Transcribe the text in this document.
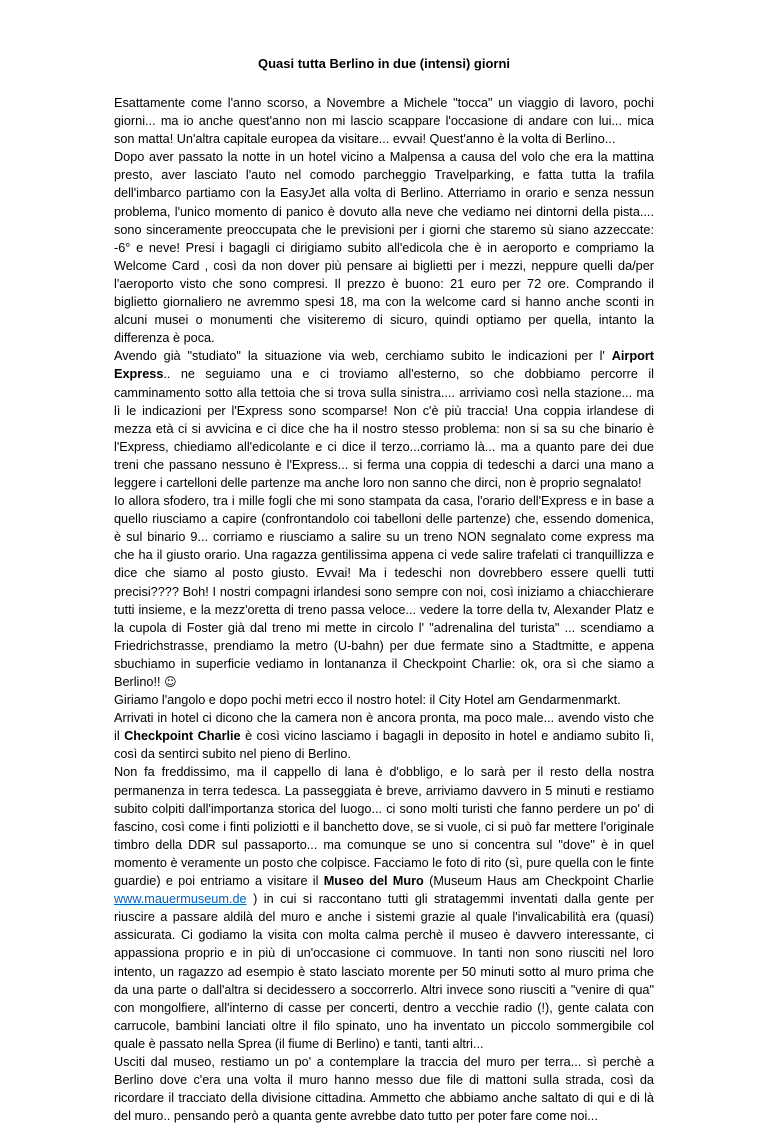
Quasi tutta Berlino in due (intensi) giorni

Esattamente come l'anno scorso, a Novembre a Michele "tocca" un viaggio di lavoro, pochi giorni... ma io anche quest'anno non mi lascio scappare l'occasione di andare con lui... mica son matta! Un'altra capitale europea da visitare... evvai! Quest'anno è la volta di Berlino...

Dopo aver passato la notte in un hotel vicino a Malpensa a causa del volo che era la mattina presto, aver lasciato l'auto nel comodo parcheggio Travelparking, e fatta tutta la trafila dell'imbarco partiamo con la EasyJet alla volta di Berlino. Atterriamo in orario e senza nessun problema, l'unico momento di panico è dovuto alla neve che vediamo nei dintorni della pista.... sono sinceramente preoccupata che le previsioni per i giorni che staremo sù siano azzeccate: -6° e neve! Presi i bagagli ci dirigiamo subito all'edicola che è in aeroporto e compriamo la Welcome Card , così da non dover più pensare ai biglietti per i mezzi, neppure quelli da/per l'aeroporto visto che sono compresi. Il prezzo è buono: 21 euro per 72 ore. Comprando il biglietto giornaliero ne avremmo spesi 18, ma con la welcome card si hanno anche sconti in alcuni musei o monumenti che visiteremo di sicuro, quindi optiamo per quella, intanto la differenza è poca.

Avendo già "studiato" la situazione via web, cerchiamo subito le indicazioni per l' Airport Express.. ne seguiamo una e ci troviamo all'esterno, so che dobbiamo percorre il camminamento sotto alla tettoia che si trova sulla sinistra.... arriviamo così nella stazione... ma lì le indicazioni per l'Express sono scomparse! Non c'è più traccia! Una coppia irlandese di mezza età ci si avvicina e ci dice che ha il nostro stesso problema: non si sa su che binario è l'Express, chiediamo all'edicolante e ci dice il terzo...corriamo là... ma a quanto pare dei due treni che passano nessuno è l'Express... si ferma una coppia di tedeschi a darci una mano a leggere i cartelloni delle partenze ma anche loro non sanno che dirci, non è proprio segnalato!

Io allora sfodero, tra i mille fogli che mi sono stampata da casa, l'orario dell'Express e in base a quello riusciamo a capire (confrontandolo coi tabelloni delle partenze) che, essendo domenica, è sul binario 9... corriamo e riusciamo a salire su un treno NON segnalato come express ma che ha il giusto orario. Una ragazza gentilissima appena ci vede salire trafelati ci tranquillizza e dice che siamo al posto giusto. Evvai! Ma i tedeschi non dovrebbero essere quelli tutti precisi???? Boh! I nostri compagni irlandesi sono sempre con noi, così iniziamo a chiacchierare tutti insieme, e la mezz'oretta di treno passa veloce... vedere la torre della tv, Alexander Platz e la cupola di Foster già dal treno mi mette in circolo l' "adrenalina del turista" ... scendiamo a Friedrichstrasse, prendiamo la metro (U-bahn) per due fermate sino a Stadtmitte, e appena sbuchiamo in superficie vediamo in lontananza il Checkpoint Charlie: ok, ora sì che siamo a Berlino!! ☺

Giriamo l'angolo e dopo pochi metri ecco il nostro hotel: il City Hotel am Gendarmenmarkt.

Arrivati in hotel ci dicono che la camera non è ancora pronta, ma poco male... avendo visto che il Checkpoint Charlie è così vicino lasciamo i bagagli in deposito in hotel e andiamo subito lì, così da sentirci subito nel pieno di Berlino.

Non fa freddissimo, ma il cappello di lana è d'obbligo, e lo sarà per il resto della nostra permanenza in terra tedesca. La passeggiata è breve, arriviamo davvero in 5 minuti e restiamo subito colpiti dall'importanza storica del luogo... ci sono molti turisti che fanno perdere un po' di fascino, così come i finti poliziotti e il banchetto dove, se si vuole, ci si può far mettere l'originale timbro della DDR sul passaporto... ma comunque se uno si concentra sul "dove" è in quel momento è veramente un posto che colpisce. Facciamo le foto di rito (sì, pure quella con le finte guardie) e poi entriamo a visitare il Museo del Muro (Museum Haus am Checkpoint Charlie www.mauermuseum.de ) in cui si raccontano tutti gli stratagemmi inventati dalla gente per riuscire a passare aldilà del muro e anche i sistemi grazie al quale l'invalicabilità era (quasi) assicurata. Ci godiamo la visita con molta calma perchè il museo è davvero interessante, ci appassiona proprio e in più di un'occasione ci commuove. In tanti non sono riusciti nel loro intento, un ragazzo ad esempio è stato lasciato morente per 50 minuti sotto al muro prima che da una parte o dall'altra si decidessero a soccorrerlo. Altri invece sono riusciti a "venire di qua" con mongolfiere, all'interno di casse per concerti, dentro a vecchie radio (!), gente calata con carrucole, bambini lanciati oltre il filo spinato, uno ha inventato un piccolo sommergibile col quale è passato nella Sprea (il fiume di Berlino) e tanti, tanti altri...

Usciti dal museo, restiamo un po' a contemplare la traccia del muro per terra... sì perchè a Berlino dove c'era una volta il muro hanno messo due file di mattoni sulla strada, così da ricordare il tracciato della divisione cittadina. Ammetto che abbiamo anche saltato di qui e di là del muro.. pensando però a quanta gente avrebbe dato tutto per poter fare come noi...
